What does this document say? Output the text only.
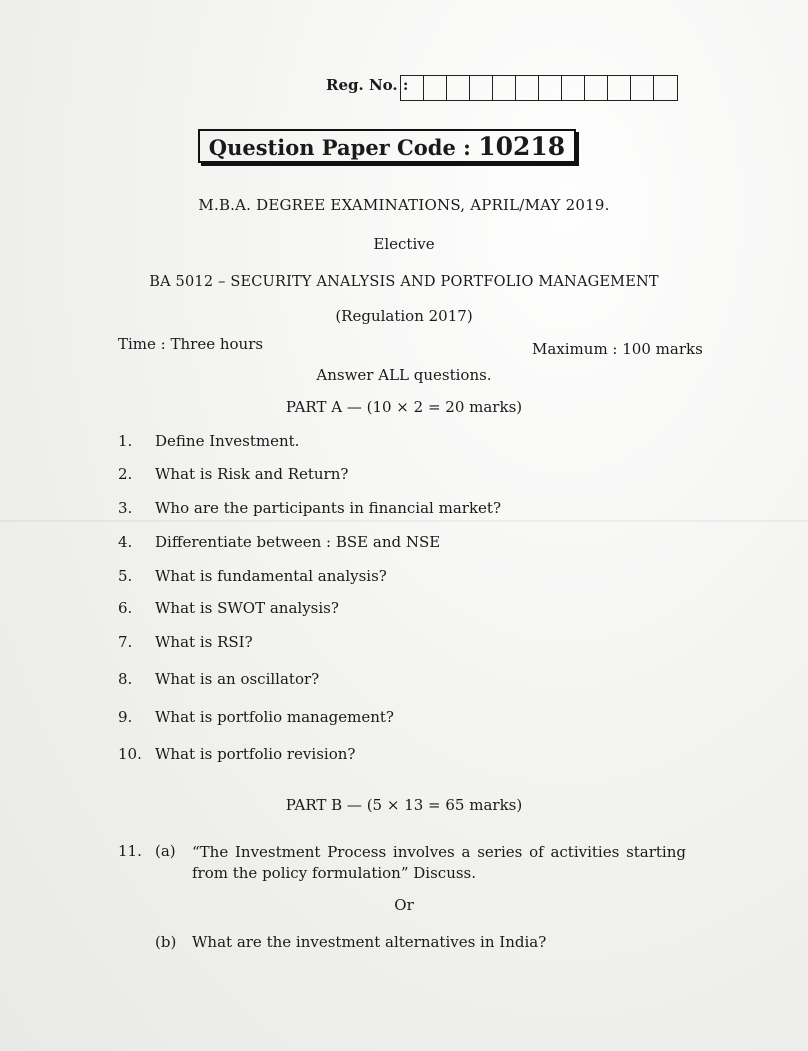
Reg. No. :
Question Paper Code : 10218
M.B.A. DEGREE EXAMINATIONS, APRIL/MAY 2019.
Elective
BA 5012 – SECURITY ANALYSIS AND PORTFOLIO MANAGEMENT
(Regulation 2017)
Time : Three hours	Maximum : 100 marks
Answer ALL questions.
PART A — (10 × 2 = 20 marks)
1. Define Investment.
2. What is Risk and Return?
3. Who are the participants in financial market?
4. Differentiate between : BSE and NSE
5. What is fundamental analysis?
6. What is SWOT analysis?
7. What is RSI?
8. What is an oscillator?
9. What is portfolio management?
10. What is portfolio revision?
PART B — (5 × 13 = 65 marks)
11. (a) “The Investment Process involves a series of activities starting from the policy formulation” Discuss.
Or
(b) What are the investment alternatives in India?
